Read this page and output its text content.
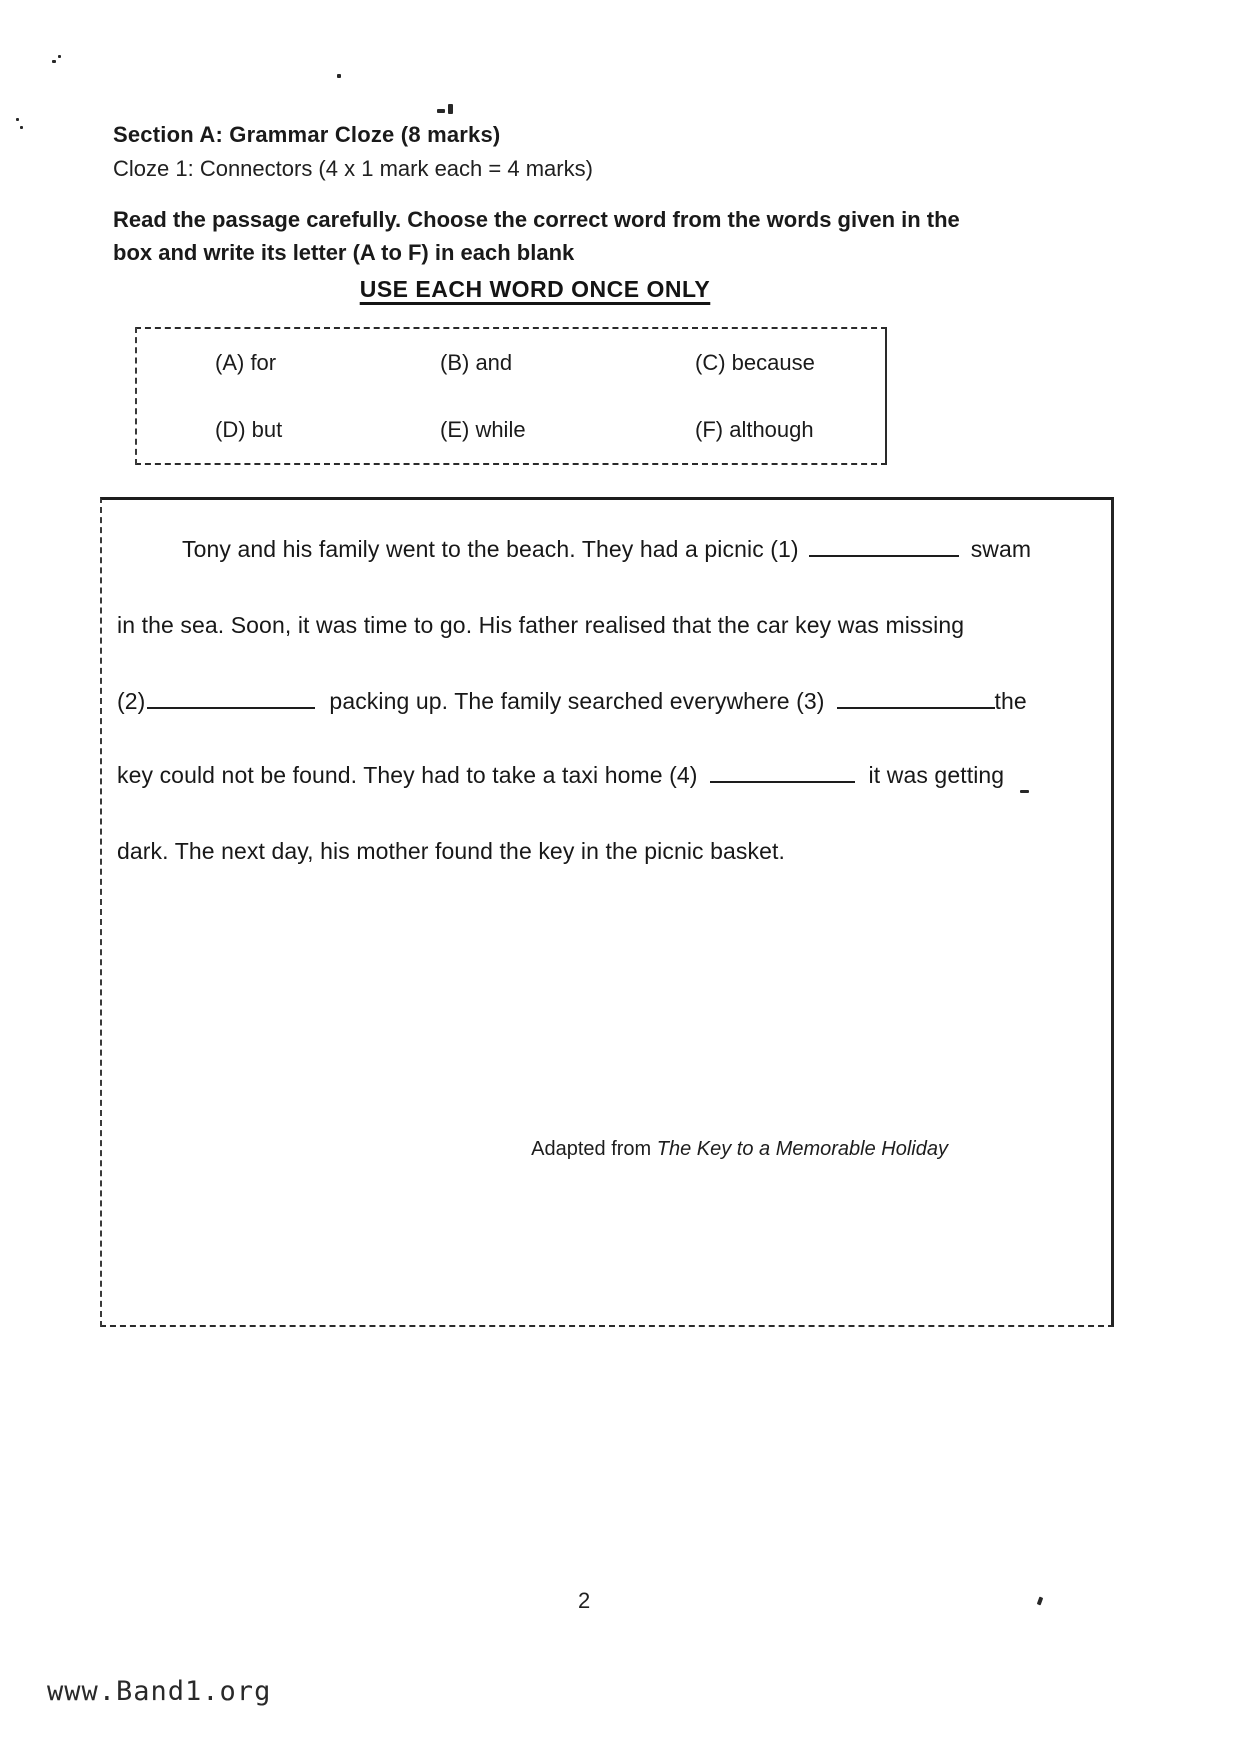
Section A: Grammar Cloze (8 marks)
Cloze 1: Connectors (4 x 1 mark each = 4 marks)
Read the passage carefully. Choose the correct word from the words given in the box and write its letter (A to F) in each blank
USE EACH WORD ONCE ONLY
(A) for	(B) and	(C) because
(D) but	(E) while	(F) although
Tony and his family went to the beach. They had a picnic (1)	swam
in the sea. Soon, it was time to go. His father realised that the car key was missing
(2)	packing up. The family searched everywhere (3)	the
key could not be found. They had to take a taxi home (4)	it was getting
dark. The next day, his mother found the key in the picnic basket.
Adapted from The Key to a Memorable Holiday
2
www.Band1.org
